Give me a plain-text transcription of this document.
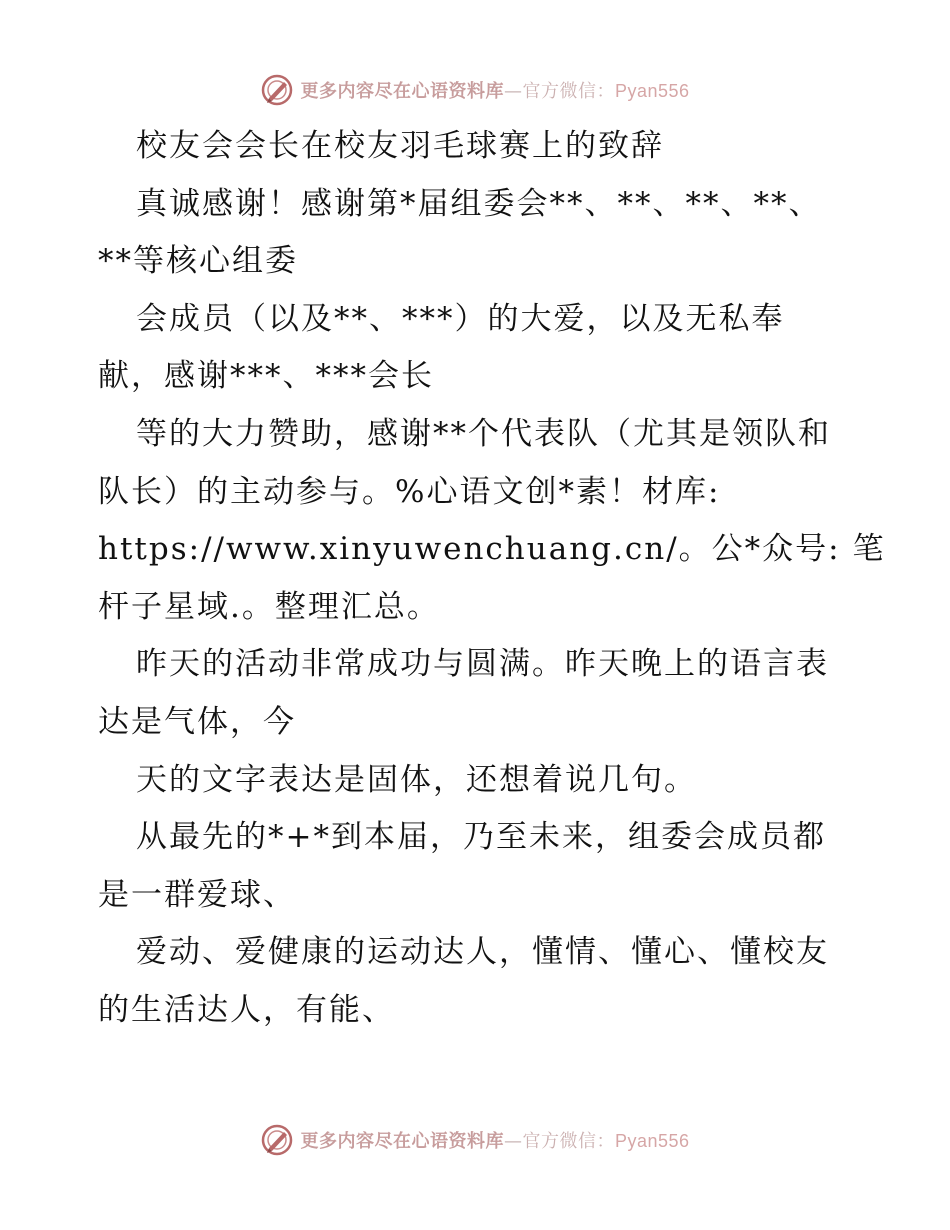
更多内容尽在心语资料库—官方微信：Pyan556
校友会会长在校友羽毛球赛上的致辞
真诚感谢！感谢第*届组委会**、**、**、**、
**等核心组委
会成员（以及**、***）的大爱，以及无私奉
献，感谢***、***会长
等的大力赞助，感谢**个代表队（尤其是领队和
队长）的主动参与。%心语文创*素！材库:
https://www.xinyuwenchuang.cn/。公*众号: 笔
杆子星域.。整理汇总。
昨天的活动非常成功与圆满。昨天晚上的语言表
达是气体，今
天的文字表达是固体，还想着说几句。
从最先的*+*到本届，乃至未来，组委会成员都
是一群爱球、
爱动、爱健康的运动达人，懂情、懂心、懂校友
的生活达人，有能、
更多内容尽在心语资料库—官方微信：Pyan556
